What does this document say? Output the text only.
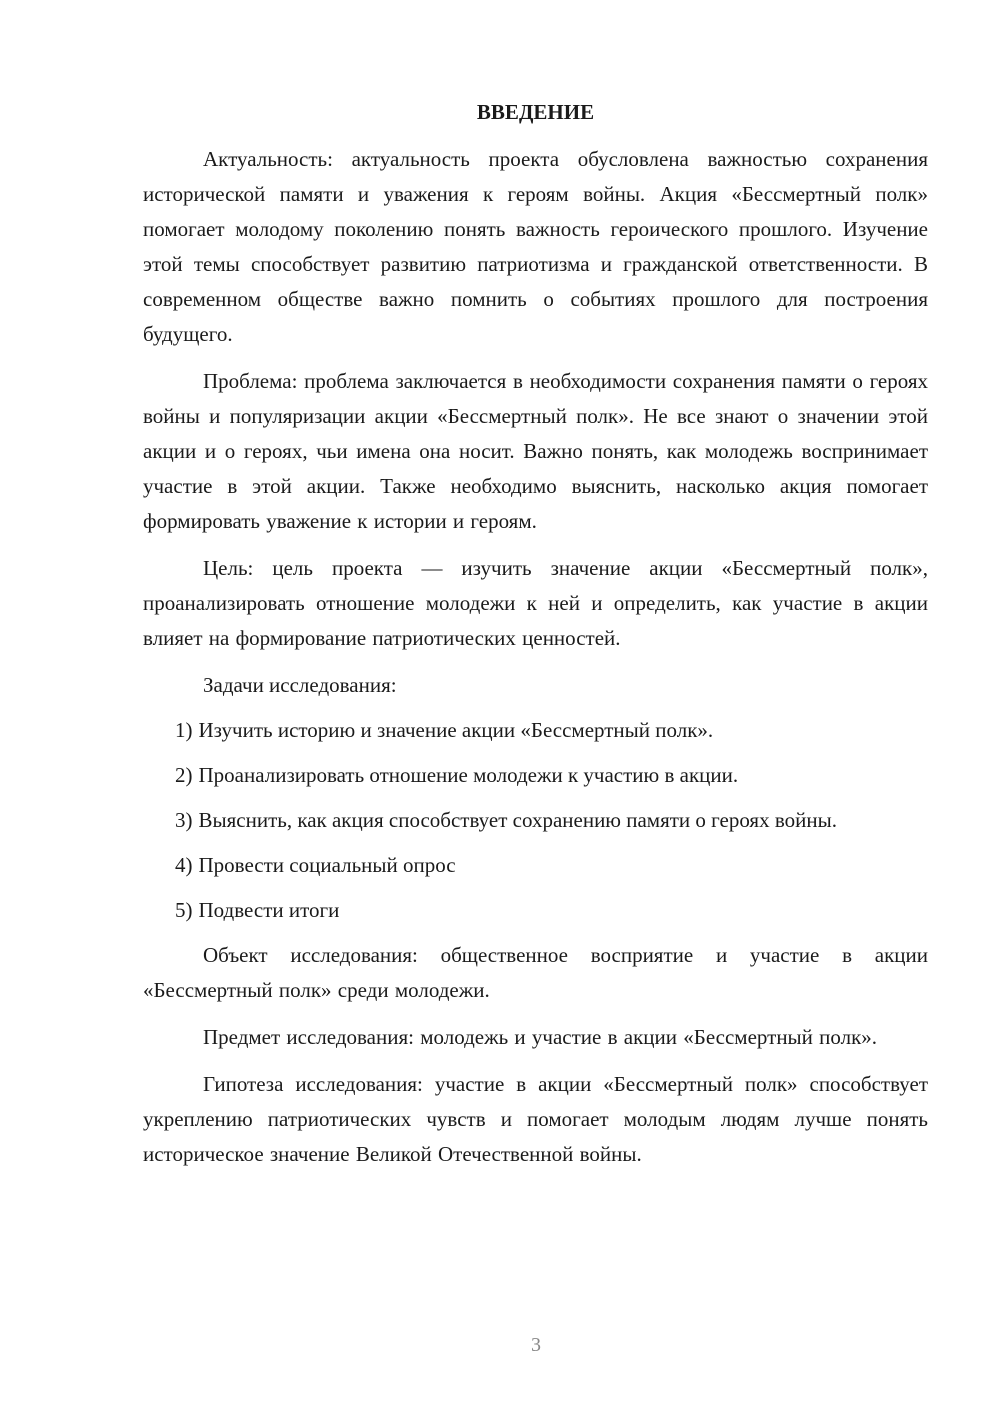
ВВЕДЕНИЕ

Актуальность: актуальность проекта обусловлена важностью сохранения исторической памяти и уважения к героям войны. Акция «Бессмертный полк» помогает молодому поколению понять важность героического прошлого. Изучение этой темы способствует развитию патриотизма и гражданской ответственности. В современном обществе важно помнить о событиях прошлого для построения будущего.

Проблема: проблема заключается в необходимости сохранения памяти о героях войны и популяризации акции «Бессмертный полк». Не все знают о значении этой акции и о героях, чьи имена она носит. Важно понять, как молодежь воспринимает участие в этой акции. Также необходимо выяснить, насколько акция помогает формировать уважение к истории и героям.

Цель: цель проекта — изучить значение акции «Бессмертный полк», проанализировать отношение молодежи к ней и определить, как участие в акции влияет на формирование патриотических ценностей.

Задачи исследования:

1) Изучить историю и значение акции «Бессмертный полк».

2) Проанализировать отношение молодежи к участию в акции.

3) Выяснить, как акция способствует сохранению памяти о героях войны.

4) Провести социальный опрос

5) Подвести итоги

Объект исследования: общественное восприятие и участие в акции «Бессмертный полк» среди молодежи.

Предмет исследования: молодежь и участие в акции «Бессмертный полк».

Гипотеза исследования: участие в акции «Бессмертный полк» способствует укреплению патриотических чувств и помогает молодым людям лучше понять историческое значение Великой Отечественной войны.

3
